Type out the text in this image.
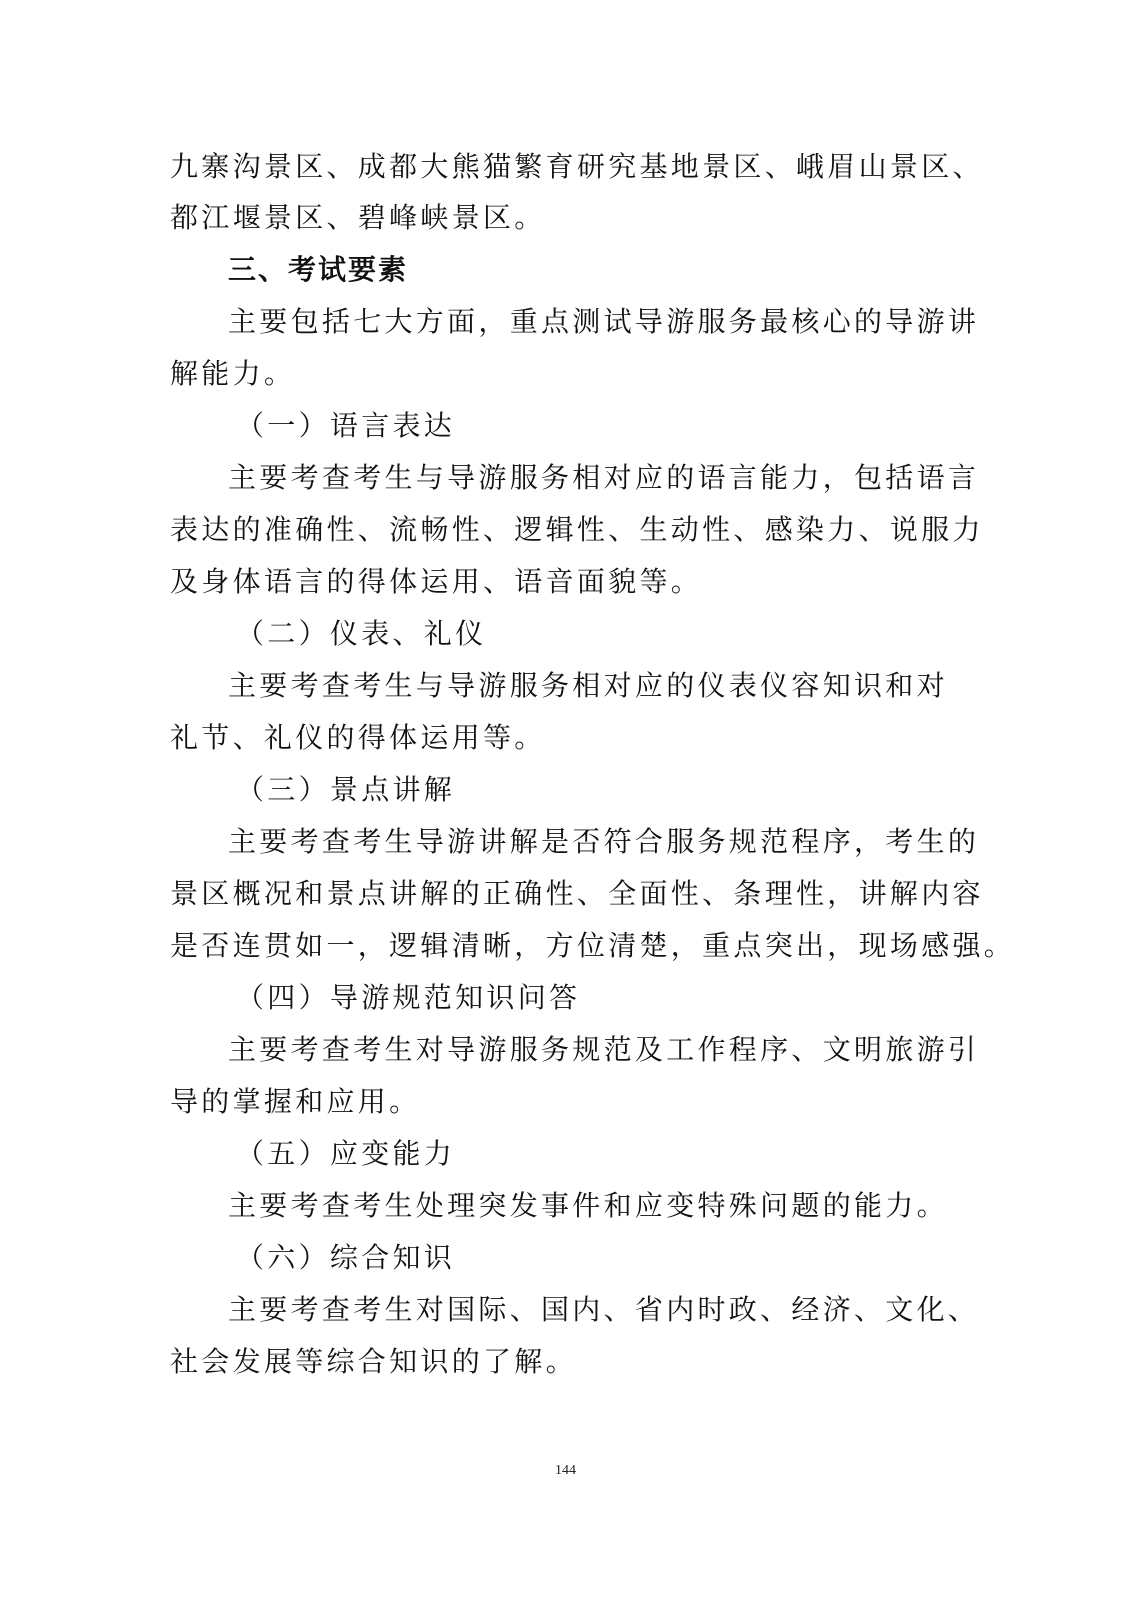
九寨沟景区、成都大熊猫繁育研究基地景区、峨眉山景区、
都江堰景区、碧峰峡景区。
三、考试要素
主要包括七大方面，重点测试导游服务最核心的导游讲
解能力。
（一）语言表达
主要考查考生与导游服务相对应的语言能力，包括语言
表达的准确性、流畅性、逻辑性、生动性、感染力、说服力
及身体语言的得体运用、语音面貌等。
（二）仪表、礼仪
主要考查考生与导游服务相对应的仪表仪容知识和对
礼节、礼仪的得体运用等。
（三）景点讲解
主要考查考生导游讲解是否符合服务规范程序，考生的
景区概况和景点讲解的正确性、全面性、条理性，讲解内容
是否连贯如一，逻辑清晰，方位清楚，重点突出，现场感强。
（四）导游规范知识问答
主要考查考生对导游服务规范及工作程序、文明旅游引
导的掌握和应用。
（五）应变能力
主要考查考生处理突发事件和应变特殊问题的能力。
（六）综合知识
主要考查考生对国际、国内、省内时政、经济、文化、
社会发展等综合知识的了解。
144
